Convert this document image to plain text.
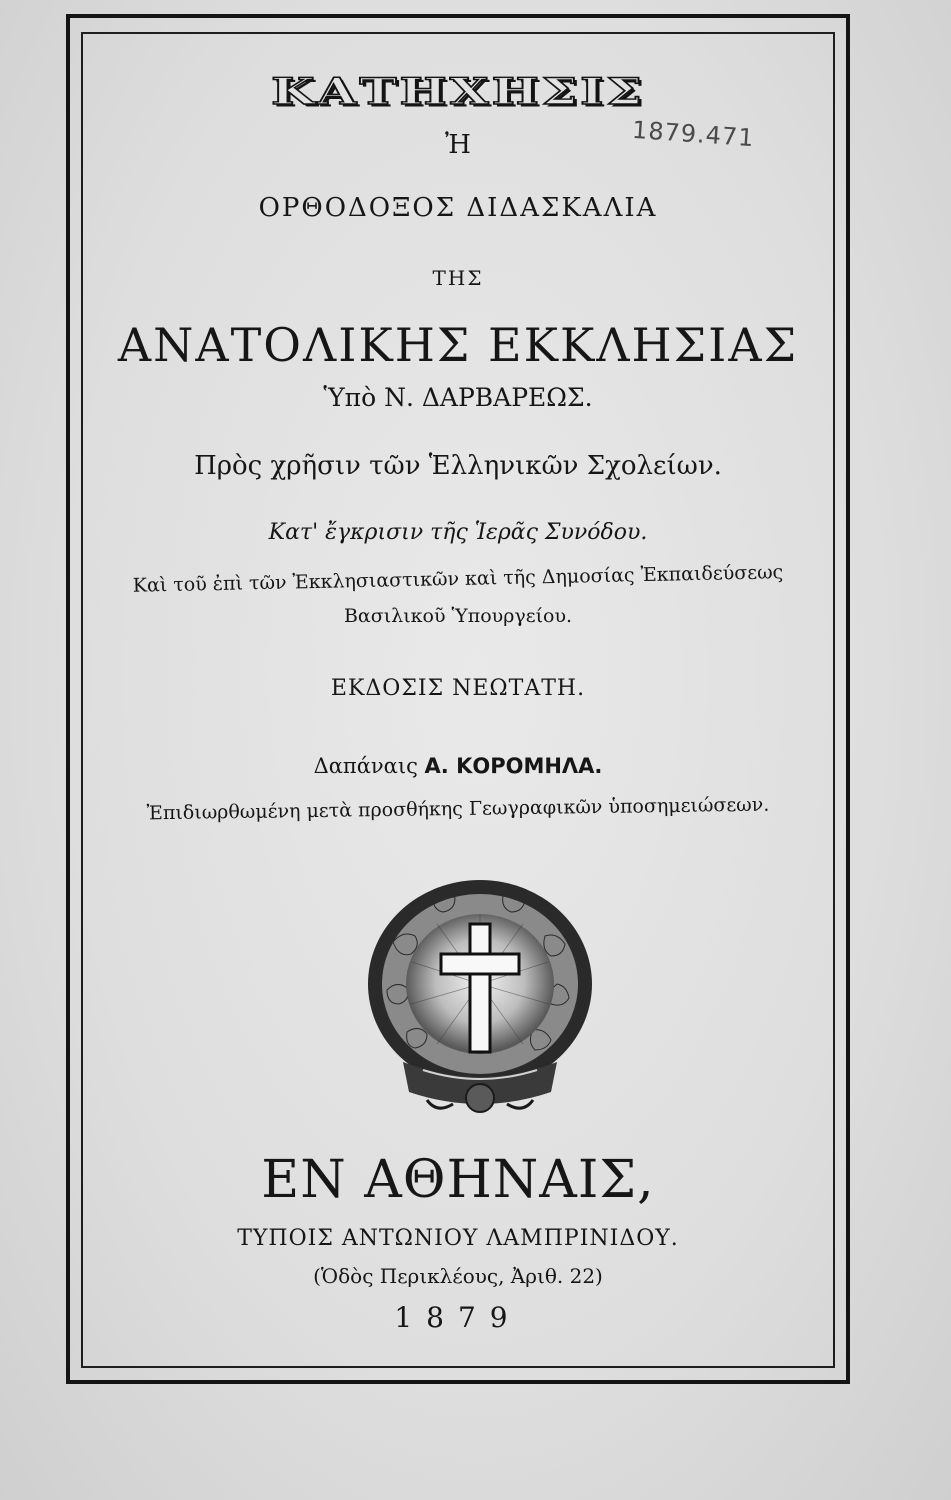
ΚΑΤΗΧΗΣΙΣ
1879.471
Ἠ
ΟΡΘΟΔΟΞΟΣ ΔΙΔΑΣΚΑΛΙΑ
ΤΗΣ
ΑΝΑΤΟΛΙΚΗΣ ΕΚΚΛΗΣΙΑΣ
Ὑπὸ Ν. ΔΑΡΒΑΡΕΩΣ.
Πρὸς χρῆσιν τῶν Ἑλληνικῶν Σχολείων.
Κατ' ἔγκρισιν τῆς Ἱερᾶς Συνόδου.
Καὶ τοῦ ἐπὶ τῶν Ἐκκλησιαστικῶν καὶ τῆς Δημοσίας Ἐκπαιδεύσεως
Βασιλικοῦ Ὑπουργείου.
ΕΚΔΟΣΙΣ ΝΕΩΤΑΤΗ.
Δαπάναις Α. ΚΟΡΟΜΗΛΑ.
Ἐπιδιωρθωμένη μετὰ προσθήκης Γεωγραφικῶν ὑποσημειώσεων.
ΕΝ ΑΘΗΝΑΙΣ,
ΤΥΠΟΙΣ ΑΝΤΩΝΙΟΥ ΛΑΜΠΡΙΝΙΔΟΥ.
(Ὁδὸς Περικλέους, Ἀριθ. 22)
1879
